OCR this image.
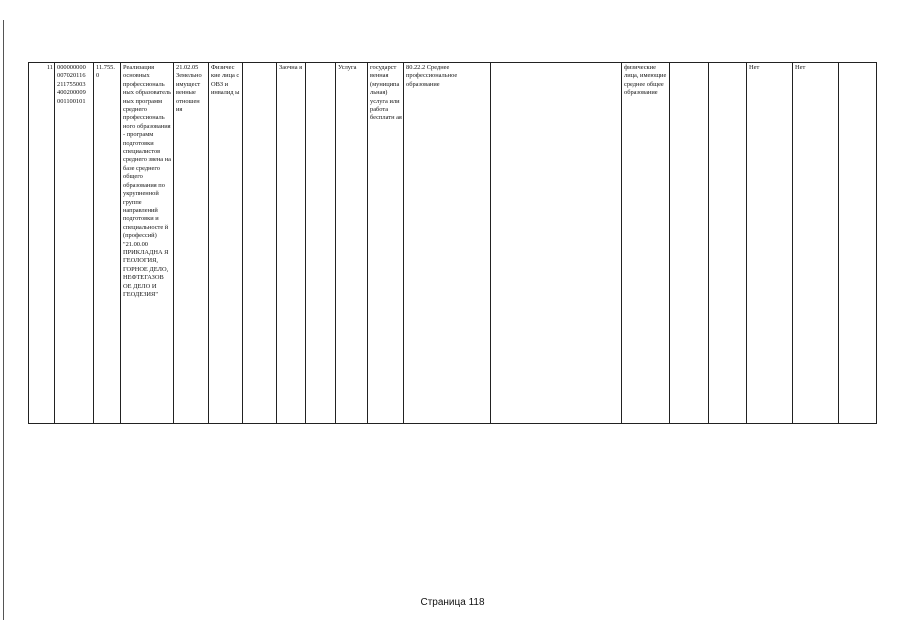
11	000000000 007020116 211755003 400200009 001100101	11.755. 0	Реализация основных профессиональ ных образователь ных программ среднего профессиональ ного образования - программ подготовки специалистов среднего звена на базе среднего общего образования по укрупненной группе направлений подготовки и специальносте й (профессий) "21.00.00 ПРИКЛАДНА Я ГЕОЛОГИЯ, ГОРНОЕ ДЕЛО, НЕФТЕГАЗОВ ОЕ ДЕЛО И ГЕОДЕЗИЯ"	21.02.05 Земельно имущест венные отношен ия	Физичес кие лица с ОВЗ и инвалид ы		Заочна я		Услуга	государст венная (муниципа льная) услуга или работа бесплатн ая	80.22.2 Среднее профессиональное образование		физические лица, имеющие среднее общее образование			Нет	Нет	
Страница 118
